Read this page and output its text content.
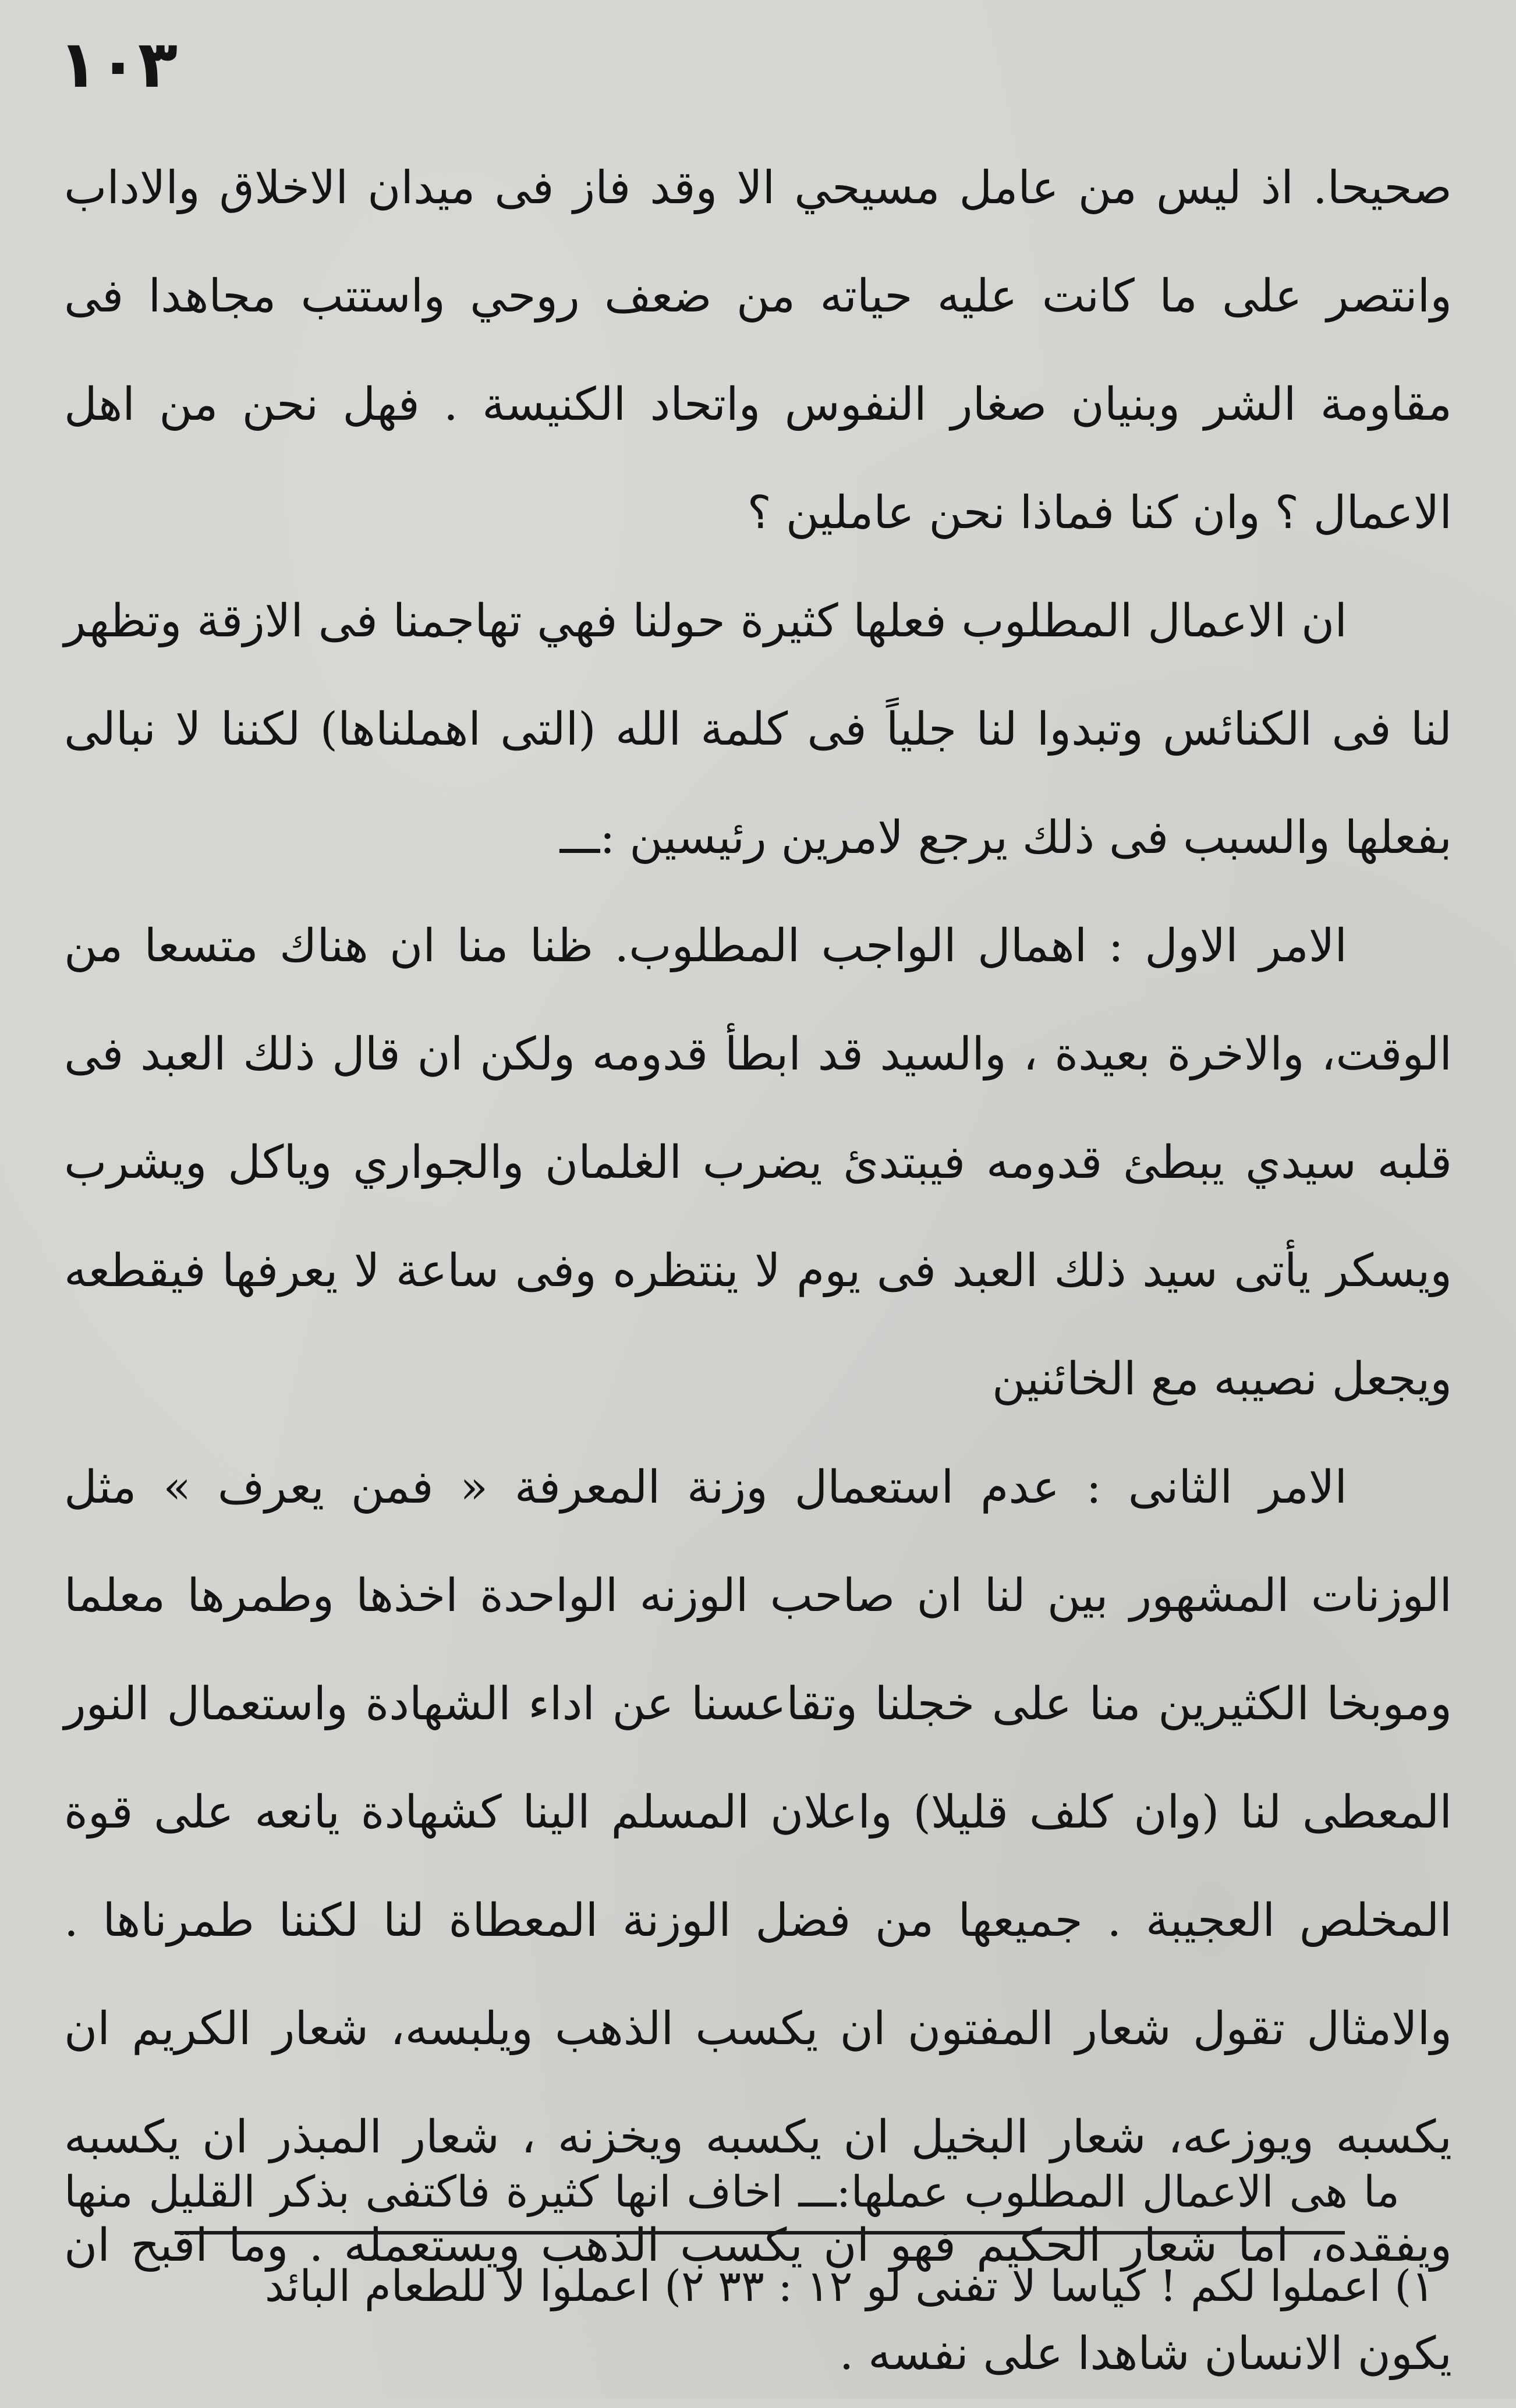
١٠٣

صحيحا. اذ ليس من عامل مسيحي الا وقد فاز فى ميدان الاخلاق والاداب وانتصر على ما كانت عليه حياته من ضعف روحي واستتب مجاهدا فى مقاومة الشر وبنيان صغار النفوس واتحاد الكنيسة . فهل نحن من اهل الاعمال ؟ وان كنا فماذا نحن عاملين ؟

ان الاعمال المطلوب فعلها كثيرة حولنا فهي تهاجمنا فى الازقة وتظهر لنا فى الكنائس وتبدوا لنا جلياً فى كلمة الله (التى اهملناها) لكننا لا نبالى بفعلها والسبب فى ذلك يرجع لامرين رئيسين :ـــ

الامر الاول : اهمال الواجب المطلوب. ظنا منا ان هناك متسعا من الوقت، والاخرة بعيدة ، والسيد قد ابطأ قدومه ولكن ان قال ذلك العبد فى قلبه سيدي يبطئ قدومه فيبتدئ يضرب الغلمان والجواري وياكل ويشرب ويسكر يأتى سيد ذلك العبد فى يوم لا ينتظره وفى ساعة لا يعرفها فيقطعه ويجعل نصيبه مع الخائنين

الامر الثانى : عدم استعمال وزنة المعرفة « فمن يعرف » مثل الوزنات المشهور بين لنا ان صاحب الوزنه الواحدة اخذها وطمرها معلما وموبخا الكثيرين منا على خجلنا وتقاعسنا عن اداء الشهادة واستعمال النور المعطى لنا (وان كلف قليلا) واعلان المسلم الينا كشهادة يانعه على قوة المخلص العجيبة . جميعها من فضل الوزنة المعطاة لنا لكننا طمرناها . والامثال تقول شعار المفتون ان يكسب الذهب ويلبسه، شعار الكريم ان يكسبه ويوزعه، شعار البخيل ان يكسبه ويخزنه ، شعار المبذر ان يكسبه ويفقده، اما شعار الحكيم فهو ان يكسب الذهب ويستعمله . وما اقبح ان يكون الانسان شاهدا على نفسه .

ما هى الاعمال المطلوب عملها:ـــ اخاف انها كثيرة فاكتفى بذكر القليل منها

١) اعملوا لكم ! كياسا لا تفنى لو ١٢ : ٣٣ ٢) اعملوا لا للطعام البائد
